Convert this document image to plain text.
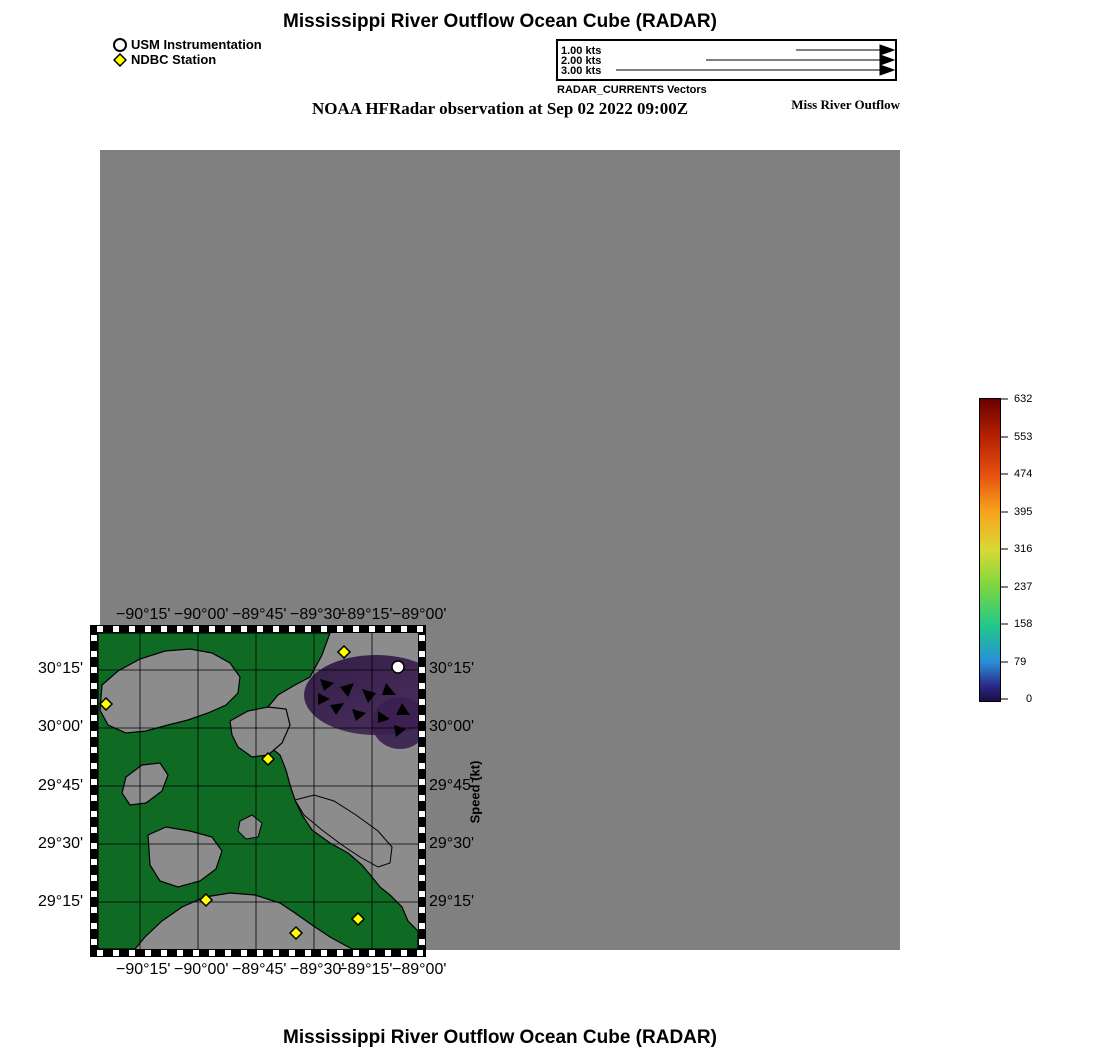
Mississippi River Outflow Ocean Cube (RADAR)
USM Instrumentation
NDBC Station
1.00 kts
2.00 kts
3.00 kts
RADAR_CURRENTS Vectors
NOAA HFRadar observation at Sep 02 2022 09:00Z	Miss River Outflow
−90°15' −90°00' −89°45' −89°30'
−89°15' −89°00'
−90°15' −90°00' −89°45' −89°30'
−89°15' −89°00'
30°15'
30°00'
29°45'
29°30'
29°15'
30°15'
30°00'
29°45'
29°30'
29°15'
Speed (kt)
632
553
474
395
316
237
158
79
0
Mississippi River Outflow Ocean Cube (RADAR)
